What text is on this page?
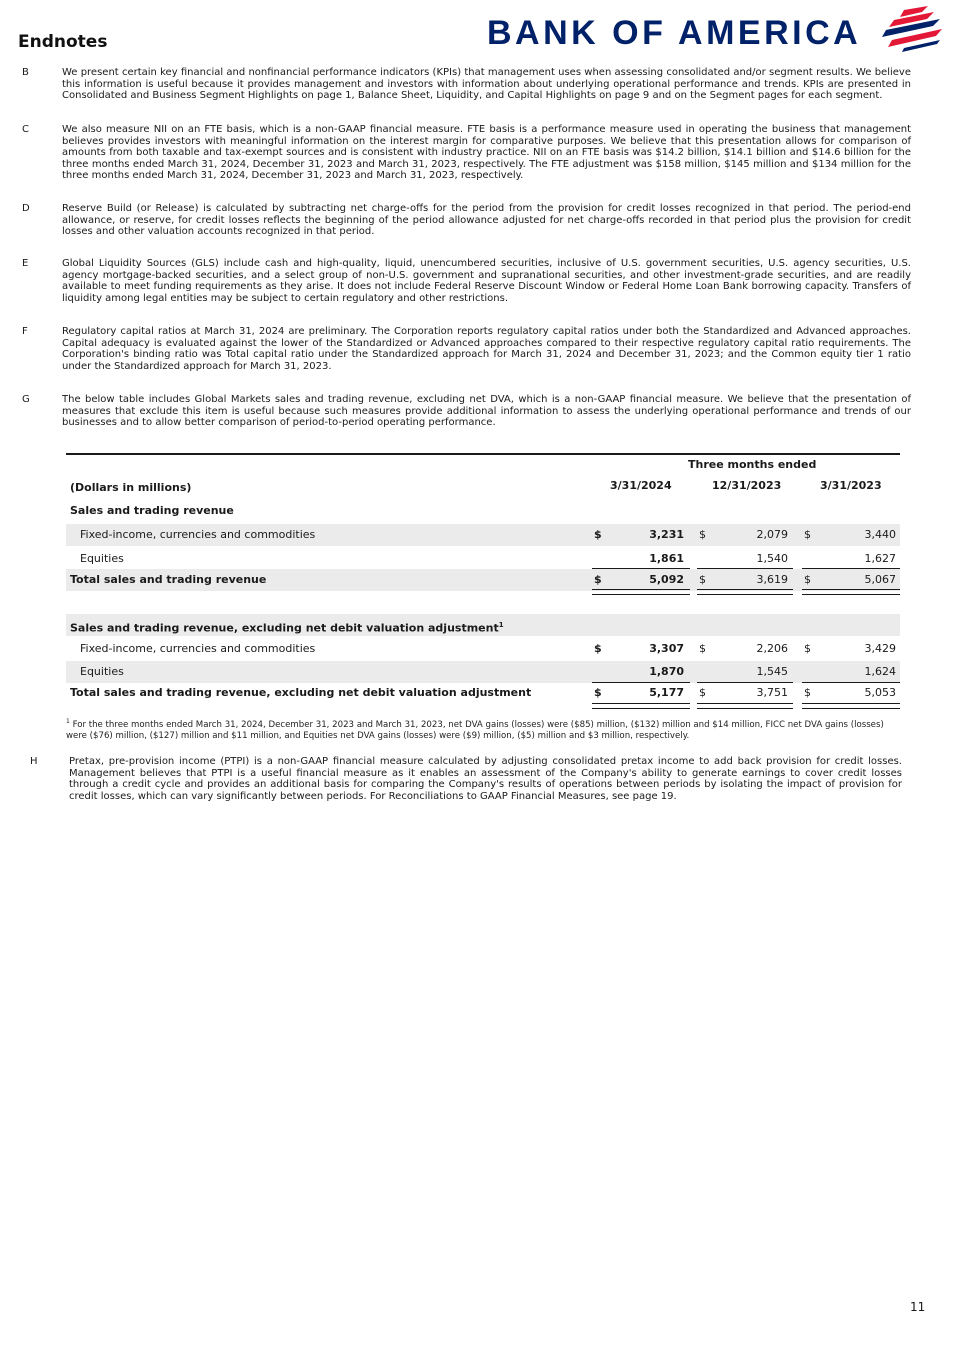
Endnotes	BANK OF AMERICA
B	We present certain key financial and nonfinancial performance indicators (KPIs) that management uses when assessing consolidated and/or segment results. We believe this information is useful because it provides management and investors with information about underlying operational performance and trends. KPIs are presented in Consolidated and Business Segment Highlights on page 1, Balance Sheet, Liquidity, and Capital Highlights on page 9 and on the Segment pages for each segment.
C	We also measure NII on an FTE basis, which is a non-GAAP financial measure. FTE basis is a performance measure used in operating the business that management believes provides investors with meaningful information on the interest margin for comparative purposes. We believe that this presentation allows for comparison of amounts from both taxable and tax-exempt sources and is consistent with industry practice. NII on an FTE basis was $14.2 billion, $14.1 billion and $14.6 billion for the three months ended March 31, 2024, December 31, 2023 and March 31, 2023, respectively. The FTE adjustment was $158 million, $145 million and $134 million for the three months ended March 31, 2024, December 31, 2023 and March 31, 2023, respectively.
D	Reserve Build (or Release) is calculated by subtracting net charge-offs for the period from the provision for credit losses recognized in that period. The period-end allowance, or reserve, for credit losses reflects the beginning of the period allowance adjusted for net charge-offs recorded in that period plus the provision for credit losses and other valuation accounts recognized in that period.
E	Global Liquidity Sources (GLS) include cash and high-quality, liquid, unencumbered securities, inclusive of U.S. government securities, U.S. agency securities, U.S. agency mortgage-backed securities, and a select group of non-U.S. government and supranational securities, and other investment-grade securities, and are readily available to meet funding requirements as they arise. It does not include Federal Reserve Discount Window or Federal Home Loan Bank borrowing capacity. Transfers of liquidity among legal entities may be subject to certain regulatory and other restrictions.
F	Regulatory capital ratios at March 31, 2024 are preliminary. The Corporation reports regulatory capital ratios under both the Standardized and Advanced approaches. Capital adequacy is evaluated against the lower of the Standardized or Advanced approaches compared to their respective regulatory capital ratio requirements. The Corporation's binding ratio was Total capital ratio under the Standardized approach for March 31, 2024 and December 31, 2023; and the Common equity tier 1 ratio under the Standardized approach for March 31, 2023.
G	The below table includes Global Markets sales and trading revenue, excluding net DVA, which is a non-GAAP financial measure. We believe that the presentation of measures that exclude this item is useful because such measures provide additional information to assess the underlying operational performance and trends of our businesses and to allow better comparison of period-to-period operating performance.
Three months ended
(Dollars in millions)	3/31/2024	12/31/2023	3/31/2023
Sales and trading revenue
Fixed-income, currencies and commodities	$	3,231 $	2,079 $	3,440
Equities	1,861	1,540	1,627
Total sales and trading revenue	$	5,092 $	3,619 $	5,067
Sales and trading revenue, excluding net debit valuation adjustment$^1$
Fixed-income, currencies and commodities	$	3,307 $	2,206 $	3,429
Equities	1,870	1,545	1,624
Total sales and trading revenue, excluding net debit valuation adjustment	$	5,177 $	3,751 $	5,053
$^1$ For the three months ended March 31, 2024, December 31, 2023 and March 31, 2023, net DVA gains (losses) were ($85) million, ($132) million and $14 million, FICC net DVA gains (losses) were ($76) million, ($127) million and $11 million, and Equities net DVA gains (losses) were ($9) million, ($5) million and $3 million, respectively.
H	Pretax, pre-provision income (PTPI) is a non-GAAP financial measure calculated by adjusting consolidated pretax income to add back provision for credit losses. Management believes that PTPI is a useful financial measure as it enables an assessment of the Company's ability to generate earnings to cover credit losses through a credit cycle and provides an additional basis for comparing the Company's results of operations between periods by isolating the impact of provision for credit losses, which can vary significantly between periods. For Reconciliations to GAAP Financial Measures, see page 19.
11
